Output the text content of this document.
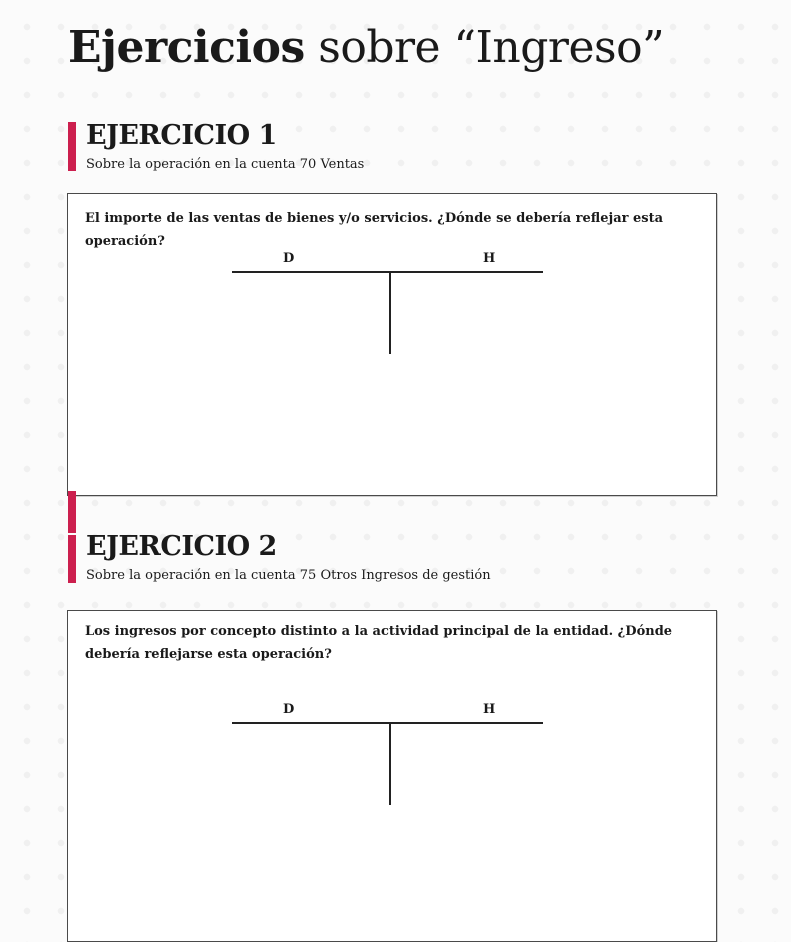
Ejercicios sobre “Ingreso”
EJERCICIO 1

Sobre la operación en la cuenta 70 Ventas

El importe de las ventas de bienes y/o servicios. ¿Dónde se debería reflejar esta operación?

D	H
EJERCICIO 2

Sobre la operación en la cuenta 75 Otros Ingresos de gestión

Los ingresos por concepto distinto a la actividad principal de la entidad. ¿Dónde debería reflejarse esta operación?

D	H
